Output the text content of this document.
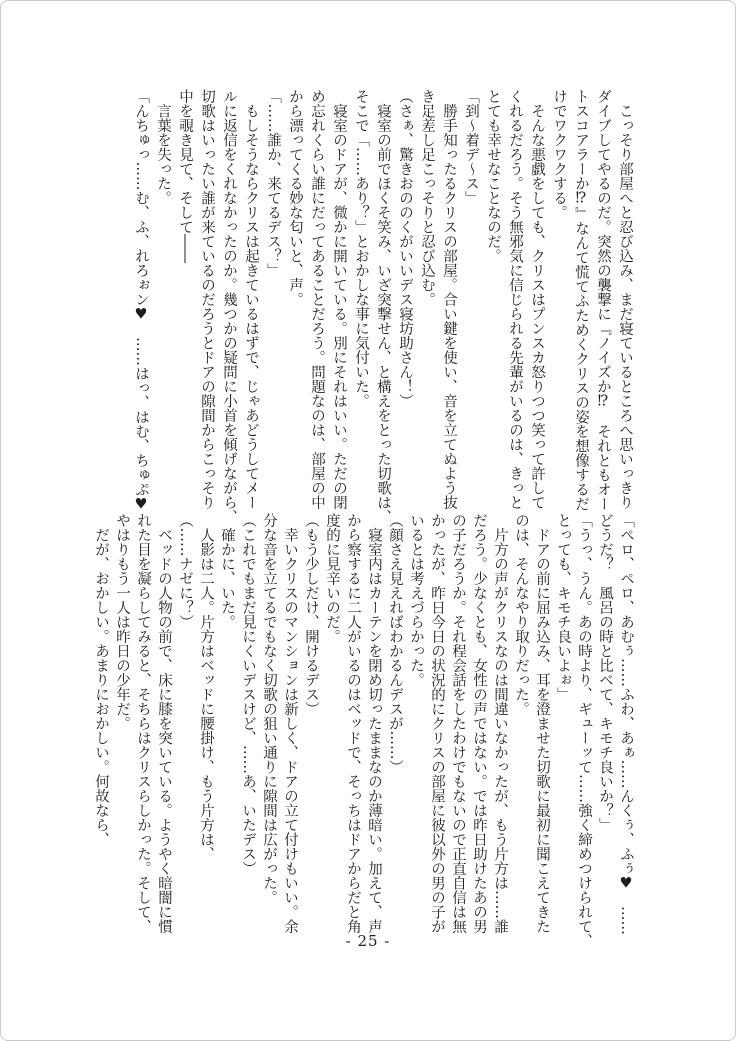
　こっそり部屋へと忍び込み、まだ寝ているところへ思いっきり

ダイブしてやるのだ。突然の襲撃に『ノイズか⁉　それともオー

トスコアラーか⁉』なんて慌てふためくクリスの姿を想像するだ

けでワクワクする。

　そんな悪戯をしても、クリスはプンスカ怒りつつ笑って許して

くれるだろう。そう無邪気に信じられる先輩がいるのは、きっと

とても幸せなことなのだ。

「到〜着デ〜ス」

　勝手知ったるクリスの部屋。合い鍵を使い、音を立てぬよう抜

き足差し足こっそりと忍び込む。

（さぁ、驚きおののくがいいデス寝坊助さん！）

　寝室の前でほくそ笑み、いざ突撃せん、と構えをとった切歌は、

そこで「……あり？」とおかしな事に気付いた。

　寝室のドアが、微かに開いている。別にそれはいい。ただの閉

め忘れくらい誰にだってあることだろう。問題なのは、部屋の中

から漂ってくる妙な匂いと、声。

「……誰か、来てるデス？」

　もしそうならクリスは起きているはずで、じゃあどうしてメー

ルに返信をくれなかったのか。幾つかの疑問に小首を傾げながら、

切歌はいったい誰が来ているのだろうとドアの隙間からこっそり

中を覗き見て、そして――

　言葉を失った。

「んちゅっ……む、ふ、れろぉン♥　……はっ、はむ、ちゅぷ♥

「ペロ、ペロ、あむぅ……ふわ、あぁ……んくぅ、ふぅ♥　……

どうだ？　風呂の時と比べて、キモチ良いか？」

「うっ、うん。あの時より、ギューッて……強く締めつけられて、

とっても、キモチ良いよぉ」

　ドアの前に屈み込み、耳を澄ませた切歌に最初に聞こえてきた

のは、そんなやり取りだった。

　片方の声がクリスなのは間違いなかったが、もう片方は……誰

だろう。少なくとも、女性の声ではない。では昨日助けたあの男

の子だろうか。それ程会話をしたわけでもないので正直自信は無

かったが、昨日今日の状況的にクリスの部屋に彼以外の男の子が

いるとは考えづらかった。

（顔さえ見えればわかるんデスが……）

　寝室内はカーテンを閉め切ったままなのか薄暗い。加えて、声

から察するに二人がいるのはベッドで、そっちはドアからだと角

度的に見辛いのだ。

（もう少しだけ、開けるデス）

　幸いクリスのマンションは新しく、ドアの立て付けもいい。余

分な音を立てるでもなく切歌の狙い通りに隙間は広がった。

（これでもまだ見にくいデスけど、……あ、いたデス）

　確かに、いた。

　人影は二人。片方はベッドに腰掛け、もう片方は、

（……ナゼに？）

　ベッドの人物の前で、床に膝を突いている。ようやく暗闇に慣

れた目を凝らしてみると、そちらはクリスらしかった。そして、

やはりもう一人は昨日の少年だ。

　だが、おかしい。あまりにおかしい。何故なら、

- 25 -
